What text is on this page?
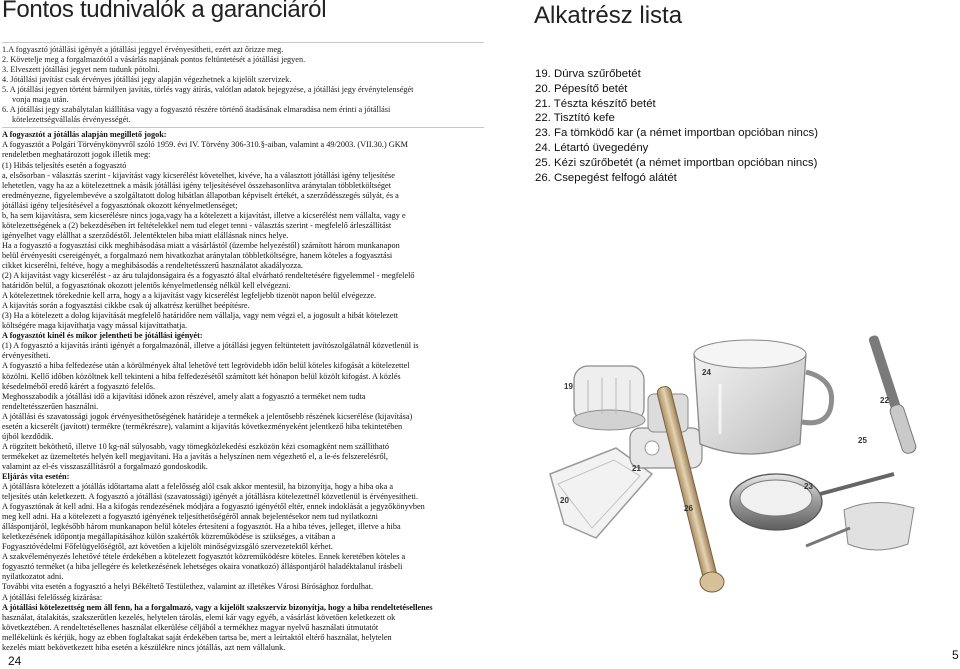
Fontos tudnivalók a garanciáról

1.A fogyasztó jótállási igényét a jótállási jeggyel érvényesítheti, ezért azt őrizze meg.

2. Követelje meg a forgalmazótól a vásárlás napjának pontos feltüntetését a jótállási jegyen.

3. Elveszett jótállási jegyet nem tudunk pótolni.

4. Jótállási javítást csak érvényes jótállási jegy alapján végezhetnek a kijelölt szervizek.

5. A jótállási jegyen történt bármilyen javítás, törlés vagy átírás, valótlan adatok bejegyzése, a jótállási jegy érvénytelenségét

vonja maga után.

6. A jótállási jegy szabálytalan kiállítása vagy a fogyasztó részére történő átadásának elmaradása nem érinti a jótállási

kötelezettségvállalás érvényességét.

A fogyasztót a jótállás alapján megillető jogok:

A fogyasztót a Polgári Törvénykönyvről szóló 1959. évi IV. Törvény 306-310.§-aiban, valamint a 49/2003. (VII.30.) GKM

rendeletben meghatározott jogok illetik meg:

(1) Hibás teljesítés esetén a fogyasztó

a, elsősorban - választás szerint - kijavítást vagy kicserélést követelhet, kivéve, ha a választott jótállási igény teljesítése

lehetetlen, vagy ha az a kötelezettnek a másik jótállási igény teljesítésével összehasonlítva aránytalan többletköltséget

eredményezne, figyelembevéve a szolgáltatott dolog hibátlan állapotban képviselt értékét, a szerződésszegés súlyát, és a

jótállási igény teljesítésével a fogyasztónak okozott kényelmetlenséget;

b, ha sem kijavításra, sem kicserélésre nincs joga,vagy ha a kötelezett a kijavítást, illetve a kicserélést nem vállalta, vagy e

kötelezettségének a (2) bekezdésében írt feltételekkel nem tud eleget tenni - választás szerint - megfelelő árleszállítást

igényelhet vagy elállhat a szerződéstől. Jelentéktelen hiba miatt elállásnak nincs helye.

Ha a fogyasztó a fogyasztási cikk meghibásodása miatt a vásárlástól (üzembe helyezéstől) számított három munkanapon

belül érvényesíti csereigényét, a forgalmazó nem hivatkozhat aránytalan többletköltségre, hanem köteles a fogyasztási

cikket kicserélni, feltéve, hogy a meghibásodás a rendeltetésszerű használatot akadályozza.

(2) A kijavítást vagy kicserélést - az áru tulajdonságaira és a fogyasztó által elvárható rendeltetésére figyelemmel - megfelelő

határidőn belül, a fogyasztónak okozott jelentős kényelmetlenség nélkül kell elvégezni.

A kötelezettnek törekednie kell arra, hogy a a kijavítást vagy kicserélést legfeljebb tizenöt napon belül elvégezze.

A kijavítás során a fogyasztási cikkbe csak új alkatrész kerülhet beépítésre.

(3) Ha a kötelezett a dolog kijavítását megfelelő határidőre nem vállalja, vagy nem végzi el, a jogosult a hibát kötelezett

költségére maga kijavíthatja vagy mással kijavíttathatja.

A fogyasztót kinél és mikor jelentheti be jótállási igényét:

(1) A fogyasztó a kijavítás iránti igényét a forgalmazónál, illetve a jótállási jegyen feltüntetett javítószolgálatnál közvetlenül is

érvényesítheti.

A fogyasztó a hiba felfedezése után a körülmények által lehetővé tett legrövidebb időn belül köteles kifogását a kötelezettel

közölni. Kellő időben közöltnek kell tekinteni a hiba felfedezésétől számított két hónapon belül közölt kifogást. A közlés

késedelméből eredő kárért a fogyasztó felelős.

Meghosszabodik a jótállási idő a kijavítási időnek azon részével, amely alatt a fogyasztó a terméket nem tudta

rendeltetésszerűen használni.

A jótállási és szavatossági jogok érvényesíthetőségének határideje a termékek a jelentősebb részének kicserélése (kijavítása)

esetén a kicserélt (javított) termékre (termékrészre), valamint a kijavítás következményeként jelentkező hiba tekintetében

újból kezdődik.

A rögzített beköthető, illetve 10 kg-nál súlyosabb, vagy tömegközlekedési eszközön kézi csomagként nem szállítható

termékeket az üzemeltetés helyén kell megjavítani. Ha a javítás a helyszínen nem végezhető el, a le-és felszerelésről,

valamint az el-és visszaszállításról a forgalmazó gondoskodik.

Eljárás vita esetén:

A jótállásra kötelezett a jótállás időtartama alatt a felelősség alól csak akkor mentesül, ha bizonyítja, hogy a hiba oka a

teljesítés után keletkezett. A fogyasztó a jótállási (szavatossági) igényét a jótállásra kötelezettnél közvetlenül is érvényesítheti.

A fogyasztónak át kell adni. Ha a kifogás rendezésének módjára a fogyasztó igényétől eltér, ennek indoklását a jegyzőkönyvben

meg kell adni. Ha a kötelezett a fogyasztó igényének teljesíthetőségéről annak bejelentésekor nem tud nyilatkozni

álláspontjáról, legkésőbb három munkanapon belül köteles értesíteni a fogyasztót. Ha a hiba téves, jelleget, illetve a hiba

keletkezésének időpontja megállapításához külön szakértők közreműködése is szükséges, a vitában a

Fogyasztóvédelmi Főfelügyelőségtől, azt követően a kijelölt minőségvizsgáló szervezetektől kérhet.

A szakvéleményezés lehetővé tétele érdekében a kötelezett fogyasztót közreműködésre köteles. Ennek keretében köteles a

fogyasztó terméket (a hiba jellegére és keletkezésének lehetséges okaira vonatkozó) álláspontjáról haladéktalanul írásbeli

nyilatkozatot adni.

További vita esetén a fogyasztó a helyi Békéltető Testülethez, valamint az illetékes Városi Bírósághoz fordulhat.

A jótállási felelősség kizárása:

A jótállási kötelezettség nem áll fenn, ha a forgalmazó, vagy a kijelölt szakszerviz bizonyítja, hogy a hiba rendeltetésellenes

használat, átalakítás, szakszerűtlen kezelés, helytelen tárolás, elemi kár vagy egyéb, a vásárlást követően keletkezett ok

következtében. A rendeltetésellenes használat elkerülése céljából a termékhez magyar nyelvű használati útmutatót

mellékelünk és kérjük, hogy az ebben foglaltakat saját érdekében tartsa be, mert a leírtaktól eltérő használat, helytelen

kezelés miatt bekövetkezett hiba esetén a készülékre nincs jótállás, azt nem vállalunk.

24
Alkatrész lista
19. Dúrva szűrőbetét
20. Pépesítő betét
21. Tészta készítő betét
22. Tisztító kefe
23. Fa tömködő kar (a német importban opcióban nincs)
24. Létartó üvegedény
25. Kézi szűrőbetét (a német importban opcióban nincs)
26. Csepegést felfogó alátét
19
20
21
22
23
24
25
26
5
